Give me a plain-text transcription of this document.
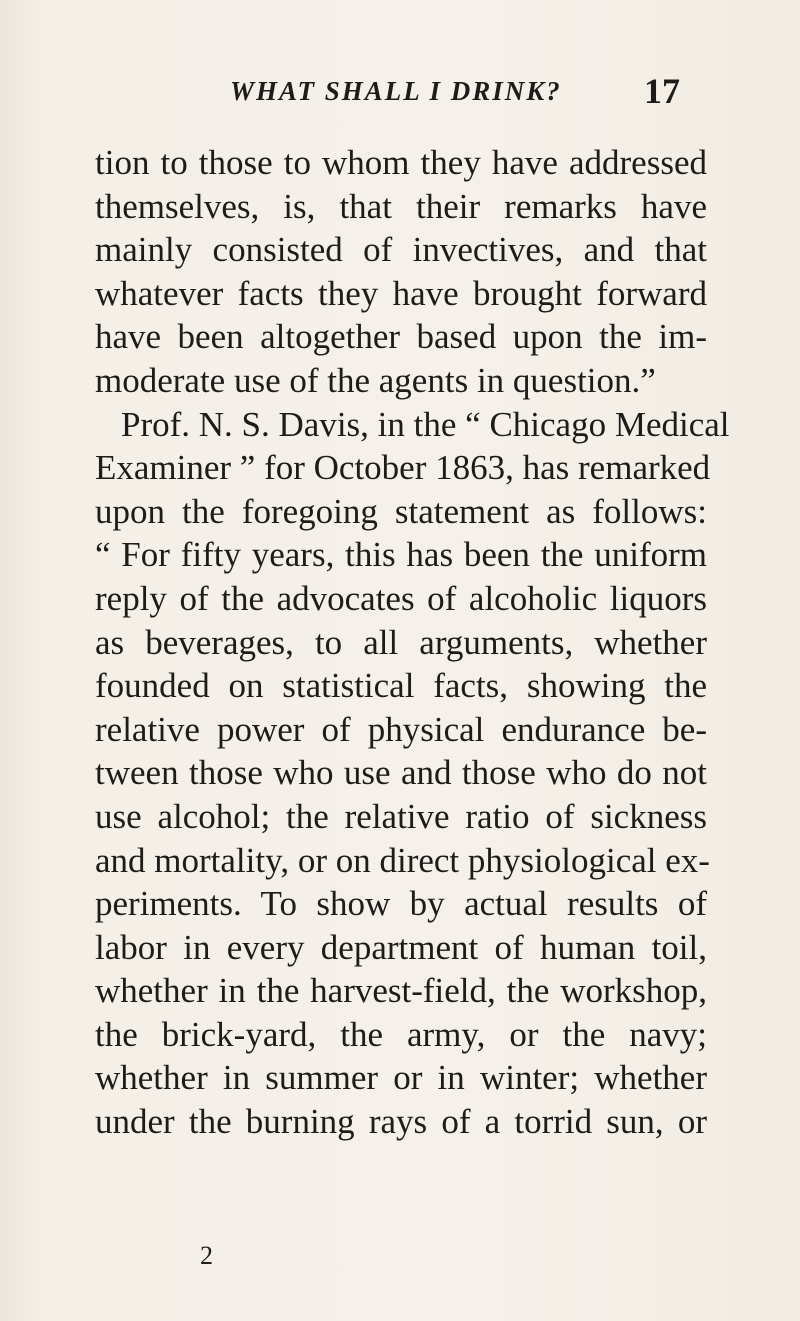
WHAT SHALL I DRINK? 17
tion to those to whom they have addressed
themselves, is, that their remarks have
mainly consisted of invectives, and that
whatever facts they have brought forward
have been altogether based upon the im-
moderate use of the agents in question.”
Prof. N. S. Davis, in the “ Chicago Medical
Examiner ” for October 1863, has remarked
upon the foregoing statement as follows:
“ For fifty years, this has been the uniform
reply of the advocates of alcoholic liquors
as beverages, to all arguments, whether
founded on statistical facts, showing the
relative power of physical endurance be-
tween those who use and those who do not
use alcohol; the relative ratio of sickness
and mortality, or on direct physiological ex-
periments. To show by actual results of
labor in every department of human toil,
whether in the harvest-field, the workshop,
the brick-yard, the army, or the navy;
whether in summer or in winter; whether
under the burning rays of a torrid sun, or
2
